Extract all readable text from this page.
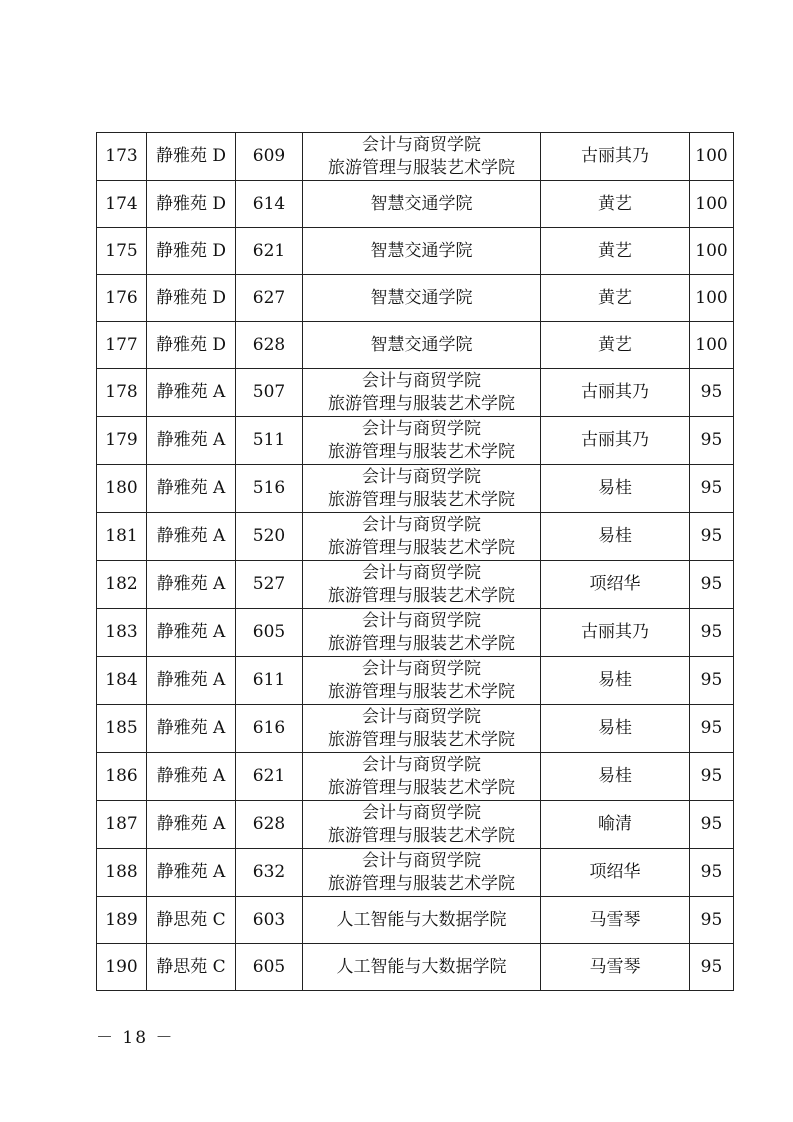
173	静雅苑 D	609	会计与商贸学院
旅游管理与服装艺术学院	古丽其乃	100
174	静雅苑 D	614	智慧交通学院	黄艺	100
175	静雅苑 D	621	智慧交通学院	黄艺	100
176	静雅苑 D	627	智慧交通学院	黄艺	100
177	静雅苑 D	628	智慧交通学院	黄艺	100
178	静雅苑 A	507	会计与商贸学院
旅游管理与服装艺术学院	古丽其乃	95
179	静雅苑 A	511	会计与商贸学院
旅游管理与服装艺术学院	古丽其乃	95
180	静雅苑 A	516	会计与商贸学院
旅游管理与服装艺术学院	易桂	95
181	静雅苑 A	520	会计与商贸学院
旅游管理与服装艺术学院	易桂	95
182	静雅苑 A	527	会计与商贸学院
旅游管理与服装艺术学院	项绍华	95
183	静雅苑 A	605	会计与商贸学院
旅游管理与服装艺术学院	古丽其乃	95
184	静雅苑 A	611	会计与商贸学院
旅游管理与服装艺术学院	易桂	95
185	静雅苑 A	616	会计与商贸学院
旅游管理与服装艺术学院	易桂	95
186	静雅苑 A	621	会计与商贸学院
旅游管理与服装艺术学院	易桂	95
187	静雅苑 A	628	会计与商贸学院
旅游管理与服装艺术学院	喻清	95
188	静雅苑 A	632	会计与商贸学院
旅游管理与服装艺术学院	项绍华	95
189	静思苑 C	603	人工智能与大数据学院	马雪琴	95
190	静思苑 C	605	人工智能与大数据学院	马雪琴	95
－ 18 －
